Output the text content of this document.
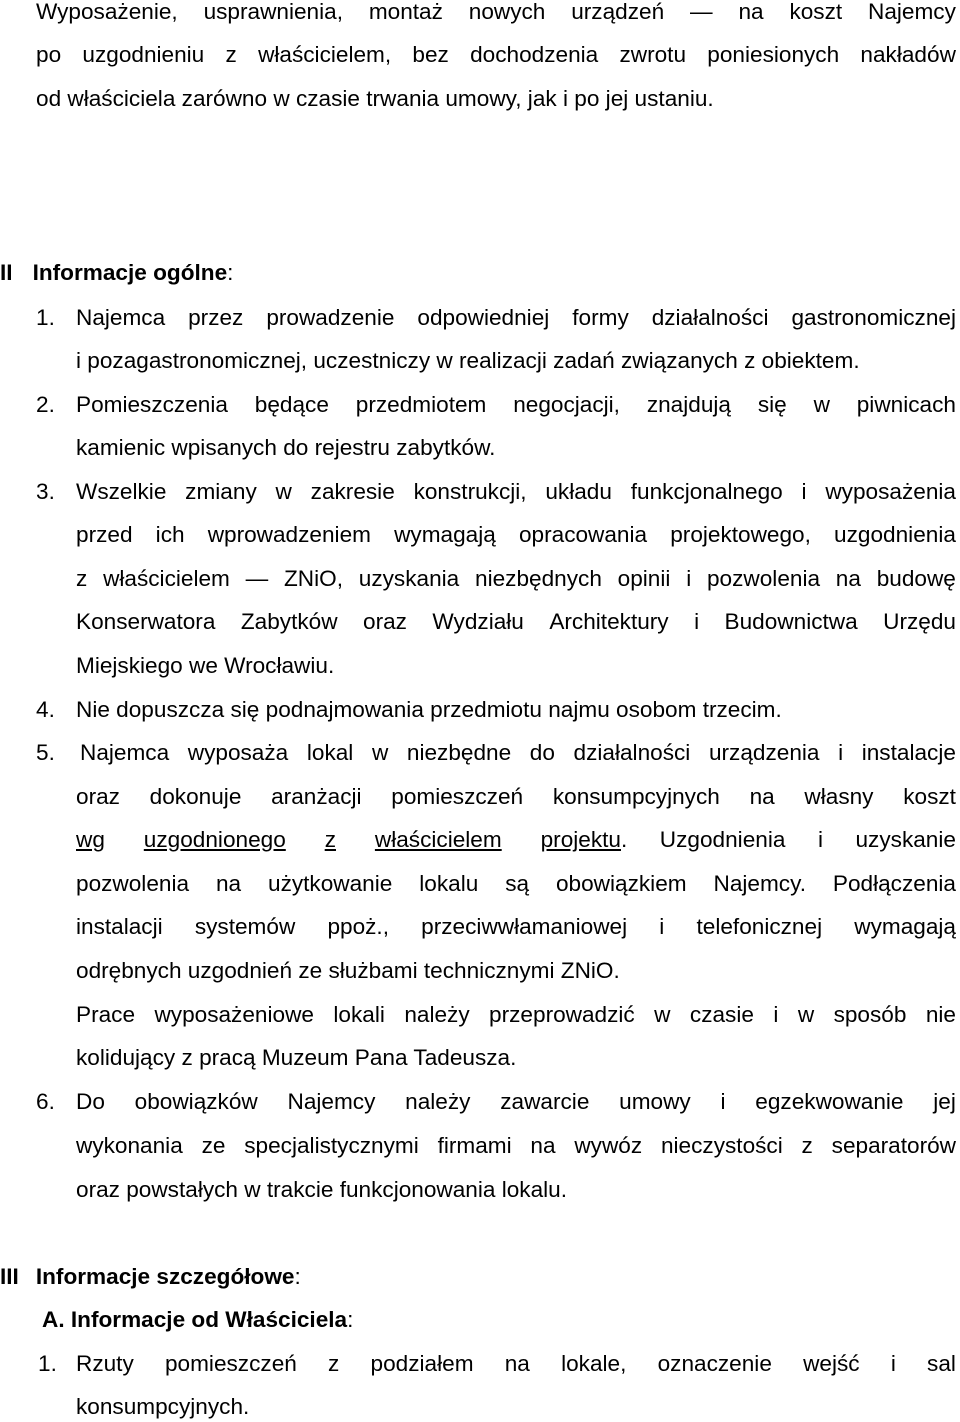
Wyposażenie, usprawnienia, montaż nowych urządzeń — na koszt Najemcy
po uzgodnieniu z właścicielem, bez dochodzenia zwrotu poniesionych nakładów
od właściciela zarówno w czasie trwania umowy, jak i po jej ustaniu.
II Informacje ogólne:
1. Najemca przez prowadzenie odpowiedniej formy działalności gastronomicznej
i pozagastronomicznej, uczestniczy w realizacji zadań związanych z obiektem.
2. Pomieszczenia będące przedmiotem negocjacji, znajdują się w piwnicach
kamienic wpisanych do rejestru zabytków.
3. Wszelkie zmiany w zakresie konstrukcji, układu funkcjonalnego i wyposażenia
przed ich wprowadzeniem wymagają opracowania projektowego, uzgodnienia
z właścicielem — ZNiO, uzyskania niezbędnych opinii i pozwolenia na budowę
Konserwatora Zabytków oraz Wydziału Architektury i Budownictwa Urzędu
Miejskiego we Wrocławiu.
4. Nie dopuszcza się podnajmowania przedmiotu najmu osobom trzecim.
5. Najemca wyposaża lokal w niezbędne do działalności urządzenia i instalacje
oraz dokonuje aranżacji pomieszczeń konsumpcyjnych na własny koszt
wg uzgodnionego z właścicielem projektu . Uzgodnienia i uzyskanie
pozwolenia na użytkowanie lokalu są obowiązkiem Najemcy. Podłączenia
instalacji systemów ppoż., przeciwwłamaniowej i telefonicznej wymagają
odrębnych uzgodnień ze służbami technicznymi ZNiO.
Prace wyposażeniowe lokali należy przeprowadzić w czasie i w sposób nie
kolidujący z pracą Muzeum Pana Tadeusza.
6. Do obowiązków Najemcy należy zawarcie umowy i egzekwowanie jej
wykonania ze specjalistycznymi firmami na wywóz nieczystości z separatorów
oraz powstałych w trakcie funkcjonowania lokalu.
III Informacje szczegółowe:
A. Informacje od Właściciela:
1. Rzuty pomieszczeń z podziałem na lokale, oznaczenie wejść i sal
konsumpcyjnych.
